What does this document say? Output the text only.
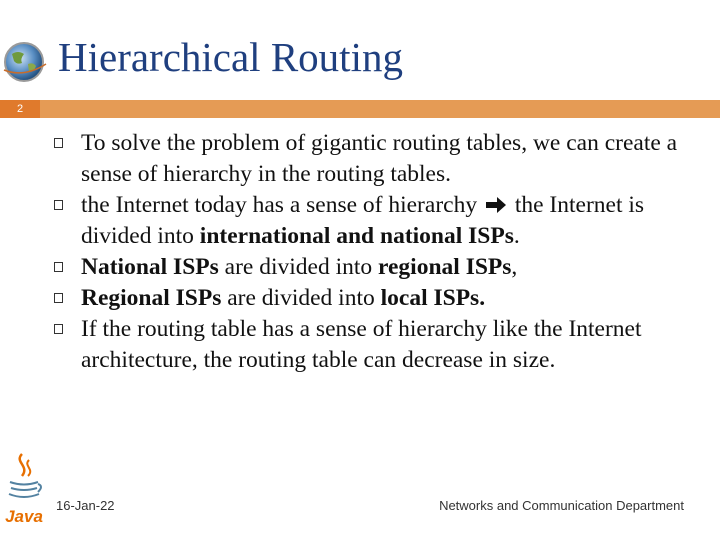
Hierarchical Routing
2
To solve the problem of gigantic routing tables, we can create a sense of hierarchy in the routing tables.
the Internet today has a sense of hierarchy  the Internet is divided into international and national ISPs.
National ISPs are divided into regional ISPs,
Regional ISPs are divided into local ISPs.
If the routing table has a sense of hierarchy like the Internet architecture, the routing table can decrease in size.
Java
16-Jan-22	Networks and Communication Department
